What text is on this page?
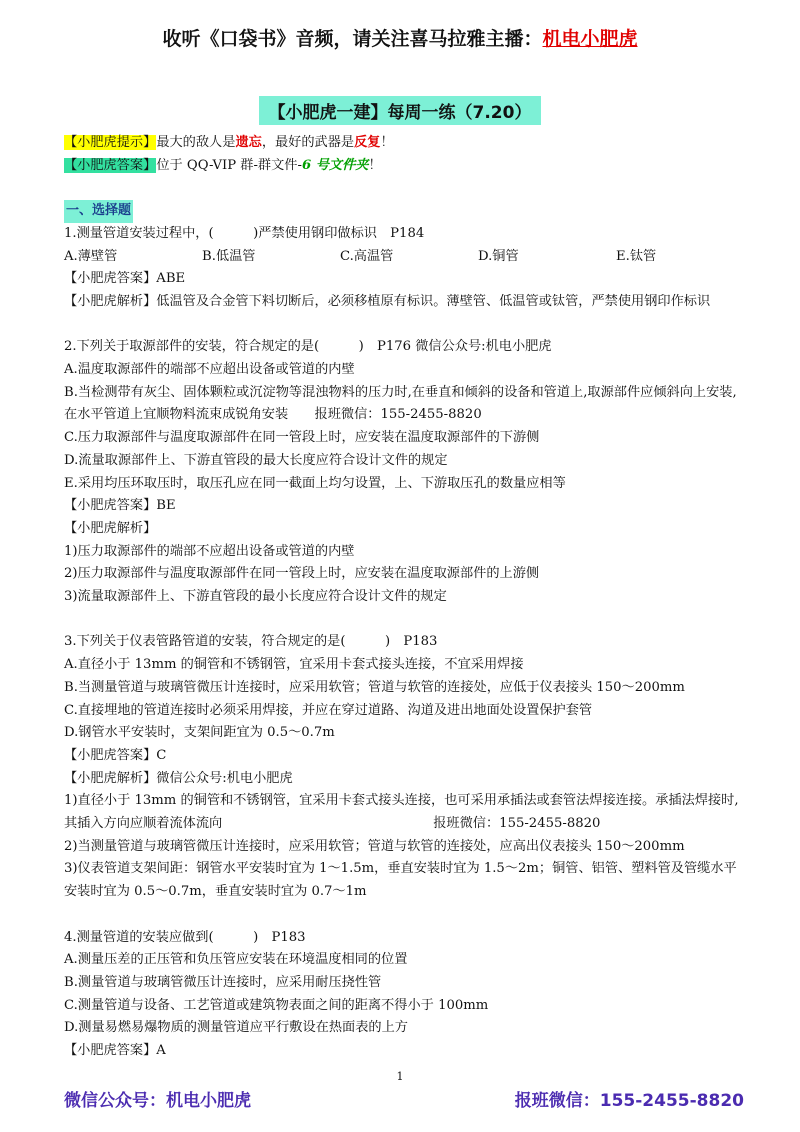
收听《口袋书》音频，请关注喜马拉雅主播：机电小肥虎
【小肥虎一建】每周一练（7.20）
【小肥虎提示】最大的敌人是遗忘，最好的武器是反复！
【小肥虎答案】位于 QQ-VIP 群-群文件-6 号文件夹！
一、选择题
1.测量管道安装过程中，(　　　)严禁使用钢印做标识　P184
A.薄壁管	B.低温管	C.高温管	D.铜管	E.钛管
【小肥虎答案】ABE
【小肥虎解析】低温管及合金管下料切断后，必须移植原有标识。薄壁管、低温管或钛管，严禁使用钢印作标识
2.下列关于取源部件的安装，符合规定的是(　　　)　P176 微信公众号:机电小肥虎
A.温度取源部件的端部不应超出设备或管道的内壁
B.当检测带有灰尘、固体颗粒或沉淀物等混浊物料的压力时,在垂直和倾斜的设备和管道上,取源部件应倾斜向上安装,在水平管道上宜顺物料流束成锐角安装　　报班微信：155-2455-8820
C.压力取源部件与温度取源部件在同一管段上时，应安装在温度取源部件的下游侧
D.流量取源部件上、下游直管段的最大长度应符合设计文件的规定
E.采用均压环取压时，取压孔应在同一截面上均匀设置，上、下游取压孔的数量应相等
【小肥虎答案】BE
【小肥虎解析】
1)压力取源部件的端部不应超出设备或管道的内壁
2)压力取源部件与温度取源部件在同一管段上时，应安装在温度取源部件的上游侧
3)流量取源部件上、下游直管段的最小长度应符合设计文件的规定
3.下列关于仪表管路管道的安装，符合规定的是(　　　)　P183
A.直径小于 13mm 的铜管和不锈钢管，宜采用卡套式接头连接，不宜采用焊接
B.当测量管道与玻璃管微压计连接时，应采用软管；管道与软管的连接处，应低于仪表接头 150～200mm
C.直接埋地的管道连接时必须采用焊接，并应在穿过道路、沟道及进出地面处设置保护套管
D.钢管水平安装时，支架间距宜为 0.5～0.7m
【小肥虎答案】C
【小肥虎解析】微信公众号:机电小肥虎
1)直径小于 13mm 的铜管和不锈钢管，宜采用卡套式接头连接，也可采用承插法或套管法焊接连接。承插法焊接时,其插入方向应顺着流体流向　　　　　　　　　　　　　　　　报班微信：155-2455-8820
2)当测量管道与玻璃管微压计连接时，应采用软管；管道与软管的连接处，应高出仪表接头 150～200mm
3)仪表管道支架间距：钢管水平安装时宜为 1～1.5m，垂直安装时宜为 1.5～2m；铜管、铝管、塑料管及管缆水平安装时宜为 0.5～0.7m，垂直安装时宜为 0.7～1m
4.测量管道的安装应做到(　　　)　P183
A.测量压差的正压管和负压管应安装在环境温度相同的位置
B.测量管道与玻璃管微压计连接时，应采用耐压挠性管
C.测量管道与设备、工艺管道或建筑物表面之间的距离不得小于 100mm
D.测量易燃易爆物质的测量管道应平行敷设在热面表的上方
【小肥虎答案】A
1
微信公众号：机电小肥虎	报班微信：155-2455-8820
